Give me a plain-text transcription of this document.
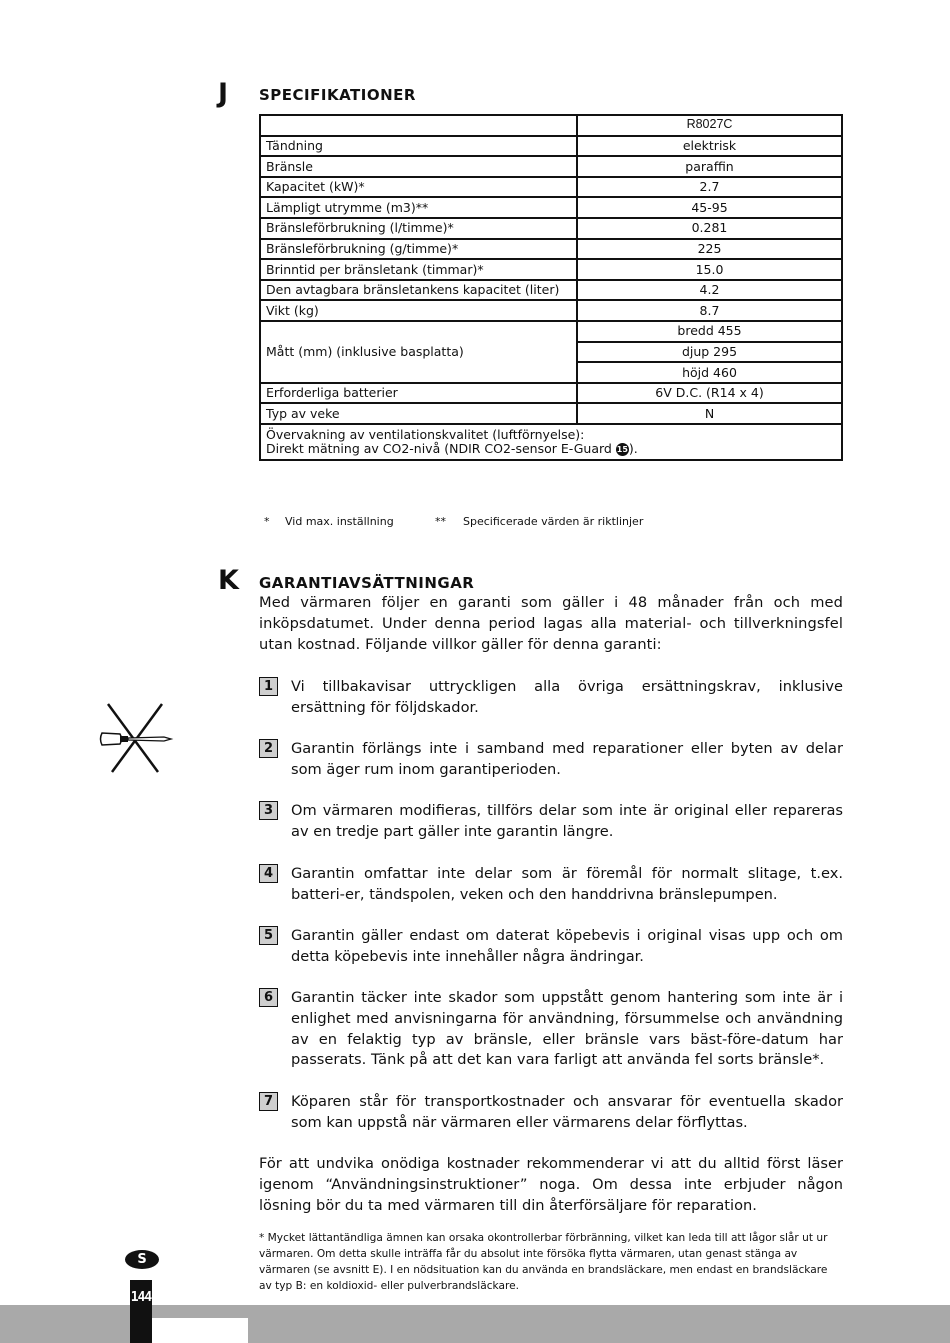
J SPECIFIKATIONER
	R8027C
Tändning	elektrisk
Bränsle	paraffin
Kapacitet (kW)*	2.7
Lämpligt utrymme (m3)**	45-95
Bränsleförbrukning (l/timme)*	0.281
Bränsleförbrukning (g/timme)*	225
Brinntid per bränsletank (timmar)*	15.0
Den avtagbara bränsletankens kapacitet (liter)	4.2
Vikt (kg)	8.7
Mått (mm) (inklusive basplatta)	bredd 455
	djup 295
	höjd 460
Erforderliga batterier	6V D.C. (R14 x 4)
Typ av veke	N

Övervakning av ventilationskvalitet (luftförnyelse):
Direkt mätning av CO2-nivå (NDIR CO2-sensor E-Guard 15).	
* Vid max. inställning	** Specificerade värden är riktlinjer
K GARANTIAVSÄTTNINGAR
Med värmaren följer en garanti som gäller i 48 månader från och med inköpsdatumet. Under denna period lagas alla material- och tillverkningsfel utan kostnad. Följande villkor gäller för denna garanti:
1	Vi tillbakavisar uttryckligen alla övriga ersättningskrav, inklusive ersättning för följdskador.
2	Garantin förlängs inte i samband med reparationer eller byten av delar som äger rum inom garantiperioden.
3	Om värmaren modifieras, tillförs delar som inte är original eller repareras av en tredje part gäller inte garantin längre.
4	Garantin omfattar inte delar som är föremål för normalt slitage, t.ex. batteri-er, tändspolen, veken och den handdrivna bränslepumpen.
5	Garantin gäller endast om daterat köpebevis i original visas upp och om detta köpebevis inte innehåller några ändringar.
6	Garantin täcker inte skador som uppstått genom hantering som inte är i enlighet med anvisningarna för användning, försummelse och användning av en felaktig typ av bränsle, eller bränsle vars bäst-före-datum har passerats. Tänk på att det kan vara farligt att använda fel sorts bränsle*.
7	Köparen står för transportkostnader och ansvarar för eventuella skador som kan uppstå när värmaren eller värmarens delar förflyttas.
För att undvika onödiga kostnader rekommenderar vi att du alltid först läser igenom “Användningsinstruktioner” noga. Om dessa inte erbjuder någon lösning bör du ta med värmaren till din återförsäljare för reparation.
* Mycket lättantändliga ämnen kan orsaka okontrollerbar förbränning, vilket kan leda till att lågor slår ut ur värmaren. Om detta skulle inträffa får du absolut inte försöka flytta värmaren, utan genast stänga av värmaren (se avsnitt E). I en nödsituation kan du använda en brandsläckare, men endast en brandsläckare av typ B: en koldioxid- eller pulverbrandsläckare.
S
144
